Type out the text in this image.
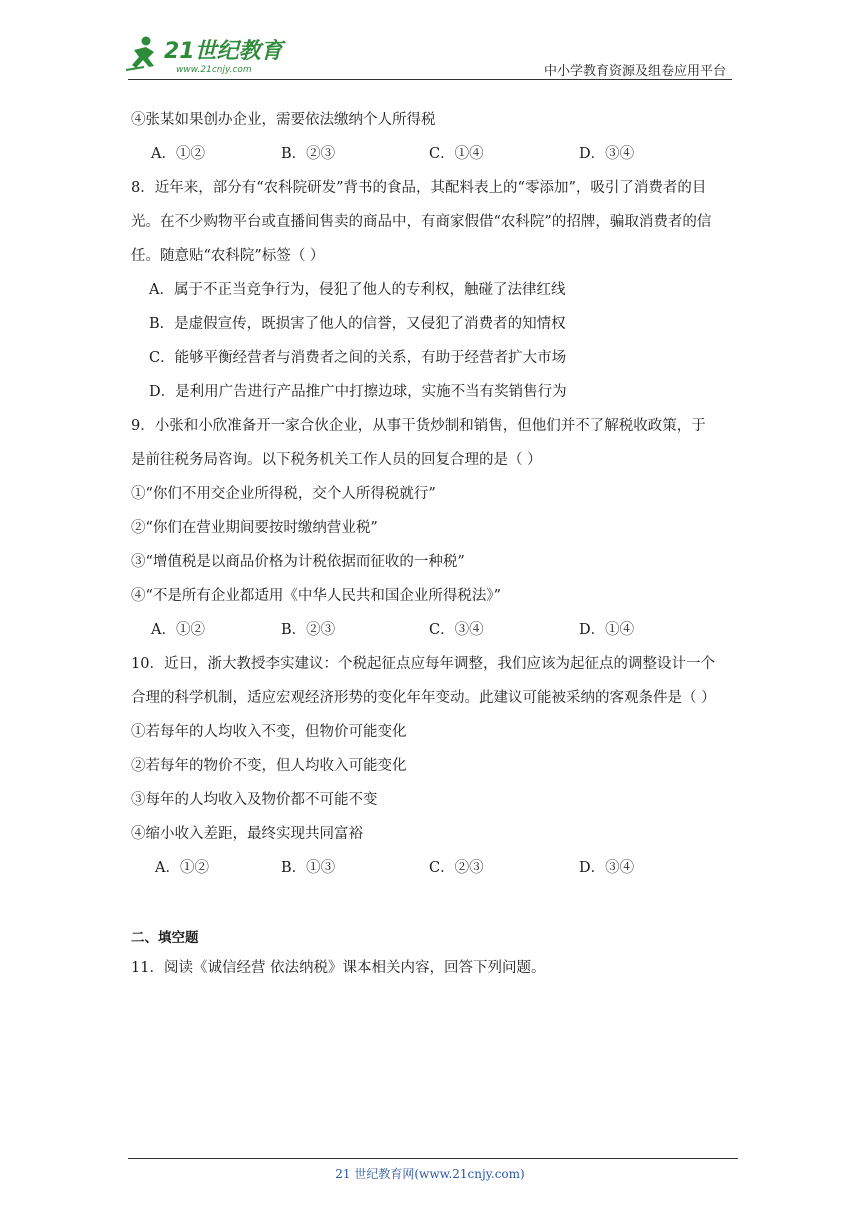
21世纪教育
www.21cnjy.com	中小学教育资源及组卷应用平台
④张某如果创办企业，需要依法缴纳个人所得税
A．①②	B．②③	C．①④	D．③④
8．近年来，部分有“农科院研发”背书的食品，其配料表上的“零添加”，吸引了消费者的目
光。在不少购物平台或直播间售卖的商品中，有商家假借“农科院”的招牌，骗取消费者的信
任。随意贴“农科院”标签（ ）
A．属于不正当竞争行为，侵犯了他人的专利权，触碰了法律红线
B．是虚假宣传，既损害了他人的信誉，又侵犯了消费者的知情权
C．能够平衡经营者与消费者之间的关系，有助于经营者扩大市场
D．是利用广告进行产品推广中打擦边球，实施不当有奖销售行为
9．小张和小欣准备开一家合伙企业，从事干货炒制和销售，但他们并不了解税收政策，于
是前往税务局咨询。以下税务机关工作人员的回复合理的是（ ）
①“你们不用交企业所得税，交个人所得税就行”
②“你们在营业期间要按时缴纳营业税”
③“增值税是以商品价格为计税依据而征收的一种税”
④“不是所有企业都适用《中华人民共和国企业所得税法》”
A．①②	B．②③	C．③④	D．①④
10．近日，浙大教授李实建议：个税起征点应每年调整，我们应该为起征点的调整设计一个
合理的科学机制，适应宏观经济形势的变化年年变动。此建议可能被采纳的客观条件是（ ）
①若每年的人均收入不变，但物价可能变化
②若每年的物价不变，但人均收入可能变化
③每年的人均收入及物价都不可能不变
④缩小收入差距，最终实现共同富裕
A．①②	B．①③	C．②③	D．③④
二、填空题
11．阅读《诚信经营 依法纳税》课本相关内容，回答下列问题。
21 世纪教育网(www.21cnjy.com)
